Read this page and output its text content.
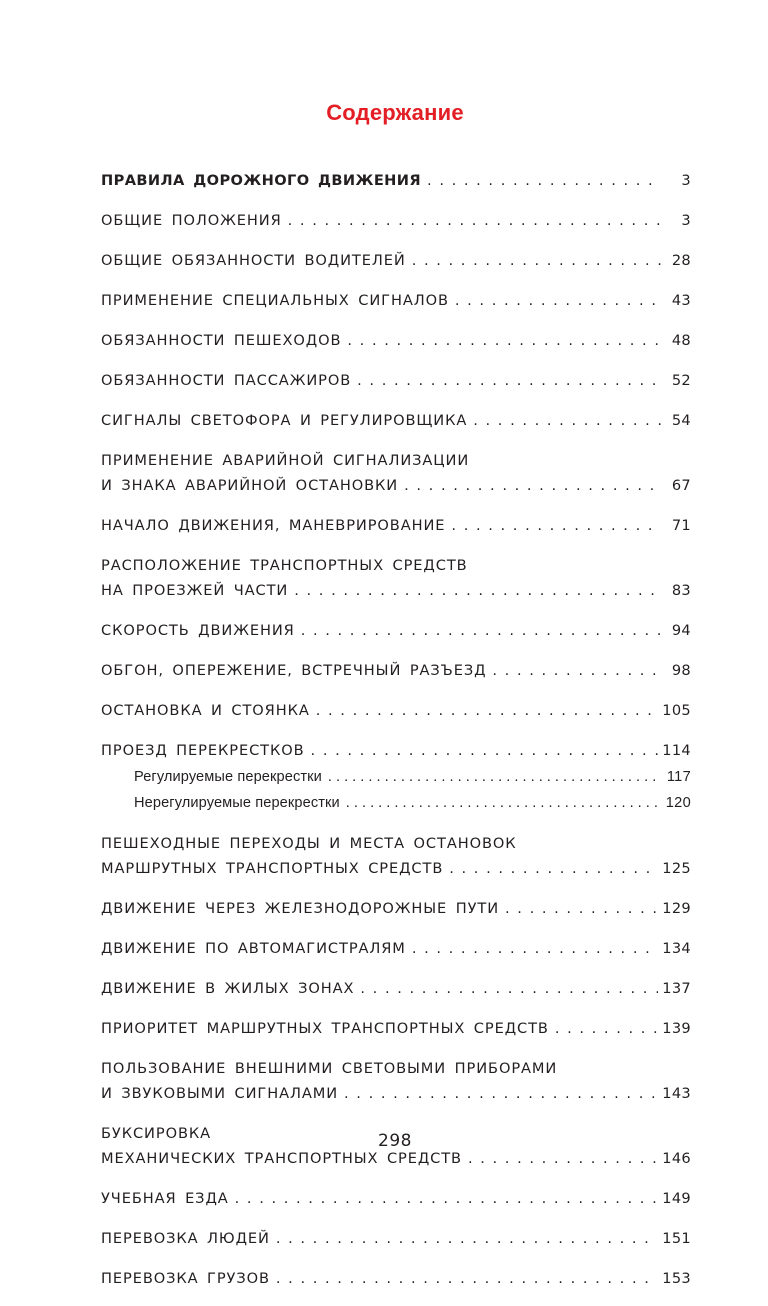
Содержание
ПРАВИЛА ДОРОЖНОГО ДВИЖЕНИЯ . . .	3
ОБЩИЕ ПОЛОЖЕНИЯ . . .	3
ОБЩИЕ ОБЯЗАННОСТИ ВОДИТЕЛЕЙ . . .	28
ПРИМЕНЕНИЕ СПЕЦИАЛЬНЫХ СИГНАЛОВ . . .	43
ОБЯЗАННОСТИ ПЕШЕХОДОВ . . .	48
ОБЯЗАННОСТИ ПАССАЖИРОВ . . .	52
СИГНАЛЫ СВЕТОФОРА И РЕГУЛИРОВЩИКА . . .	54
ПРИМЕНЕНИЕ АВАРИЙНОЙ СИГНАЛИЗАЦИИ
И ЗНАКА АВАРИЙНОЙ ОСТАНОВКИ . . .	67
НАЧАЛО ДВИЖЕНИЯ, МАНЕВРИРОВАНИЕ . . .	71
РАСПОЛОЖЕНИЕ ТРАНСПОРТНЫХ СРЕДСТВ
НА ПРОЕЗЖЕЙ ЧАСТИ . . .	83
СКОРОСТЬ ДВИЖЕНИЯ . . .	94
ОБГОН, ОПЕРЕЖЕНИЕ, ВСТРЕЧНЫЙ РАЗЪЕЗД . . .	98
ОСТАНОВКА И СТОЯНКА . . .	105
ПРОЕЗД ПЕРЕКРЕСТКОВ . . .	114
Регулируемые перекрестки . . .	117
Нерегулируемые перекрестки . . .	120
ПЕШЕХОДНЫЕ ПЕРЕХОДЫ И МЕСТА ОСТАНОВОК
МАРШРУТНЫХ ТРАНСПОРТНЫХ СРЕДСТВ . . .	125
ДВИЖЕНИЕ ЧЕРЕЗ ЖЕЛЕЗНОДОРОЖНЫЕ ПУТИ . . .	129
ДВИЖЕНИЕ ПО АВТОМАГИСТРАЛЯМ . . .	134
ДВИЖЕНИЕ В ЖИЛЫХ ЗОНАХ . . .	137
ПРИОРИТЕТ МАРШРУТНЫХ ТРАНСПОРТНЫХ СРЕДСТВ . . .	139
ПОЛЬЗОВАНИЕ ВНЕШНИМИ СВЕТОВЫМИ ПРИБОРАМИ
И ЗВУКОВЫМИ СИГНАЛАМИ . . .	143
БУКСИРОВКА
МЕХАНИЧЕСКИХ ТРАНСПОРТНЫХ СРЕДСТВ . . .	146
УЧЕБНАЯ ЕЗДА . . .	149
ПЕРЕВОЗКА ЛЮДЕЙ . . .	151
ПЕРЕВОЗКА ГРУЗОВ . . .	153
298
